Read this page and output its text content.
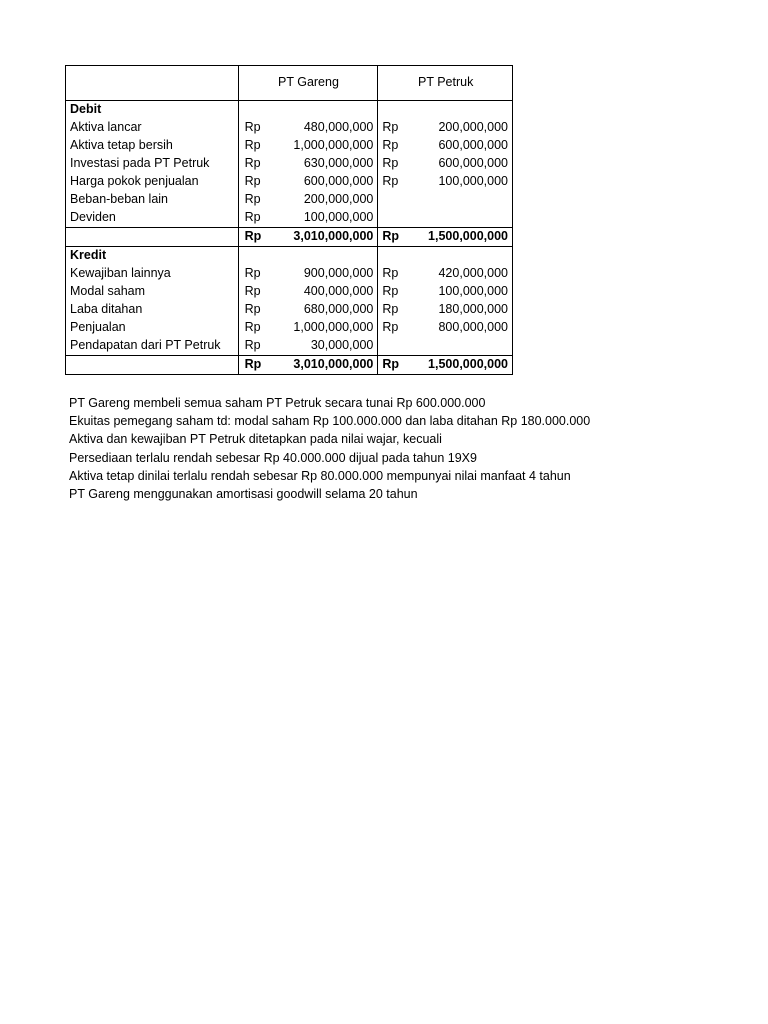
	PT Gareng		PT Petruk	
Debit				
Aktiva lancar	Rp	480,000,000	Rp	200,000,000
Aktiva tetap bersih	Rp	1,000,000,000	Rp	600,000,000
Investasi pada PT Petruk	Rp	630,000,000	Rp	600,000,000
Harga pokok penjualan	Rp	600,000,000	Rp	100,000,000
Beban-beban lain	Rp	200,000,000		
Deviden	Rp	100,000,000		
	Rp	3,010,000,000	Rp	1,500,000,000
Kredit				
Kewajiban lainnya	Rp	900,000,000	Rp	420,000,000
Modal saham	Rp	400,000,000	Rp	100,000,000
Laba ditahan	Rp	680,000,000	Rp	180,000,000
Penjualan	Rp	1,000,000,000	Rp	800,000,000
Pendapatan dari PT Petruk	Rp	30,000,000		
	Rp	3,010,000,000	Rp	1,500,000,000
PT Gareng membeli semua saham PT Petruk secara tunai Rp 600.000.000
Ekuitas pemegang saham td: modal saham Rp 100.000.000 dan laba ditahan Rp 180.000.000
Aktiva dan kewajiban PT Petruk ditetapkan pada nilai wajar, kecuali
Persediaan terlalu rendah sebesar Rp 40.000.000 dijual pada tahun 19X9
Aktiva tetap dinilai terlalu rendah sebesar Rp 80.000.000 mempunyai nilai manfaat 4 tahun
PT Gareng menggunakan amortisasi goodwill selama 20 tahun
